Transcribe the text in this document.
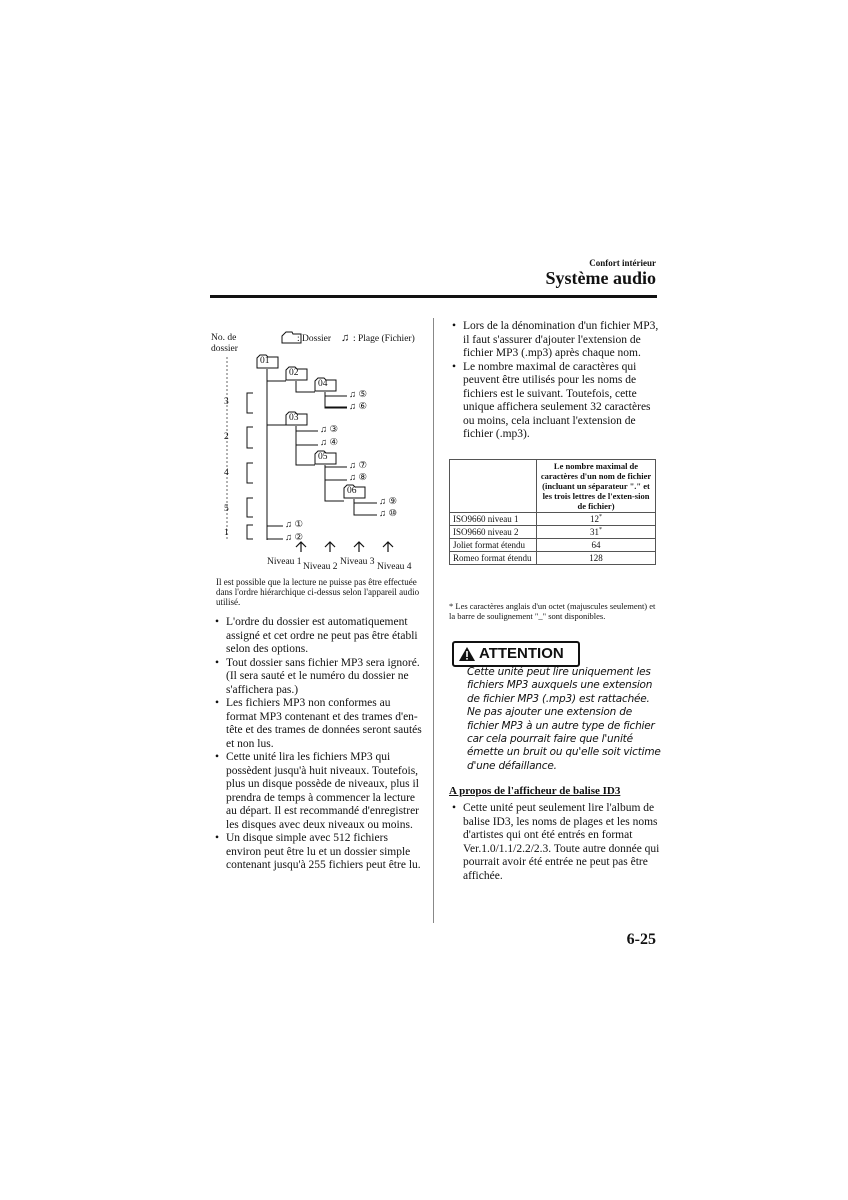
Confort intérieur
Système audio
No. de
dossier
: Dossier ♫ : Plage (Fichier)
01
02
04
03
05
06
♫ ⑤
♫ ⑥
♫ ③
♫ ④
♫ ⑦
♫ ⑧
♫ ⑨
♫ ⑩
♫ ①
♫ ②
3
2
4
5
1
Niveau 1 Niveau 2 Niveau 3 Niveau 4
Il est possible que la lecture ne puisse pas être effectuée dans l'ordre hiérarchique ci-dessus selon l'appareil audio utilisé.
• L'ordre du dossier est automatiquement assigné et cet ordre ne peut pas être établi selon des options.
• Tout dossier sans fichier MP3 sera ignoré. (Il sera sauté et le numéro du dossier ne s'affichera pas.)
• Les fichiers MP3 non conformes au format MP3 contenant et des trames d'en-tête et des trames de données seront sautés et non lus.
• Cette unité lira les fichiers MP3 qui possèdent jusqu'à huit niveaux. Toutefois, plus un disque possède de niveaux, plus il prendra de temps à commencer la lecture au départ. Il est recommandé d'enregistrer les disques avec deux niveaux ou moins.
• Un disque simple avec 512 fichiers environ peut être lu et un dossier simple contenant jusqu'à 255 fichiers peut être lu.
• Lors de la dénomination d'un fichier MP3, il faut s'assurer d'ajouter l'extension de fichier MP3 (.mp3) après chaque nom.
• Le nombre maximal de caractères qui peuvent être utilisés pour les noms de fichiers est le suivant. Toutefois, cette unique affichera seulement 32 caractères ou moins, cela incluant l'extension de fichier (.mp3).
	Le nombre maximal de caractères d'un nom de fichier (incluant un séparateur "." et les trois lettres de l'exten-sion de fichier)
ISO9660 niveau 1	12*
ISO9660 niveau 2	31*
Joliet format étendu	64
Romeo format étendu	128
* Les caractères anglais d'un octet (majuscules seulement) et la barre de soulignement "_" sont disponibles.
ATTENTION
Cette unité peut lire uniquement les fichiers MP3 auxquels une extension de fichier MP3 (.mp3) est rattachée. Ne pas ajouter une extension de fichier MP3 à un autre type de fichier car cela pourrait faire que l'unité émette un bruit ou qu'elle soit victime d'une défaillance.
A propos de l'afficheur de balise ID3
• Cette unité peut seulement lire l'album de balise ID3, les noms de plages et les noms d'artistes qui ont été entrés en format Ver.1.0/1.1/2.2/2.3. Toute autre donnée qui pourrait avoir été entrée ne peut pas être affichée.
6-25
